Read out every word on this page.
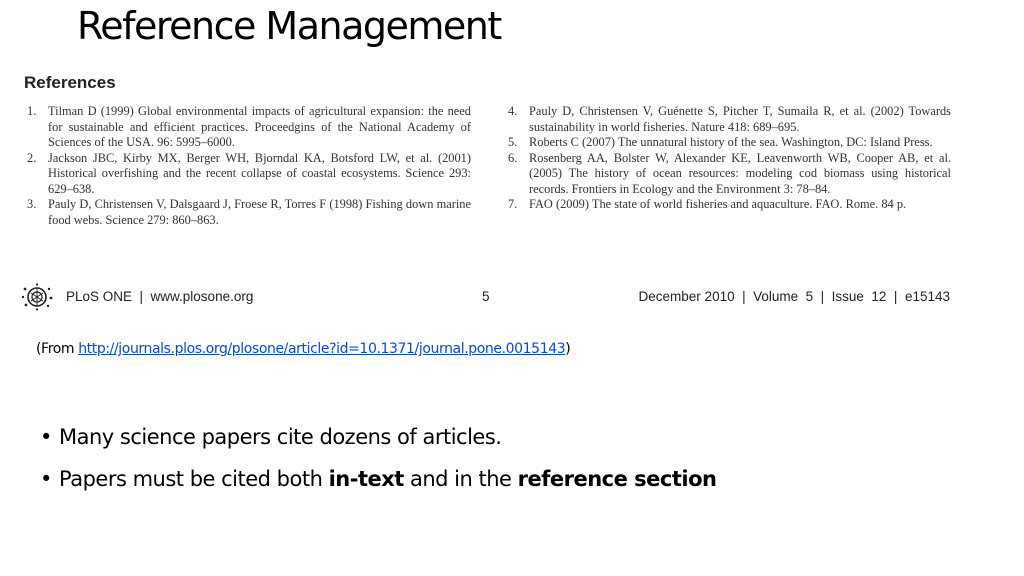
Reference Management
References
1. Tilman D (1999) Global environmental impacts of agricultural expansion: the need for sustainable and efficient practices. Proceedgins of the National Academy of Sciences of the USA. 96: 5995–6000.
2. Jackson JBC, Kirby MX, Berger WH, Bjorndal KA, Botsford LW, et al. (2001) Historical overfishing and the recent collapse of coastal ecosystems. Science 293: 629–638.
3. Pauly D, Christensen V, Dalsgaard J, Froese R, Torres F (1998) Fishing down marine food webs. Science 279: 860–863.
4. Pauly D, Christensen V, Guénette S, Pitcher T, Sumaila R, et al. (2002) Towards sustainability in world fisheries. Nature 418: 689–695.
5. Roberts C (2007) The unnatural history of the sea. Washington, DC: Island Press.
6. Rosenberg AA, Bolster W, Alexander KE, Leavenworth WB, Cooper AB, et al. (2005) The history of ocean resources: modeling cod biomass using historical records. Frontiers in Ecology and the Environment 3: 78–84.
7. FAO (2009) The state of world fisheries and aquaculture. FAO. Rome. 84 p.
PLoS ONE  |  www.plosone.org	5	December 2010  |  Volume  5  |  Issue  12  |  e15143
(From http://journals.plos.org/plosone/article?id=10.1371/journal.pone.0015143)
• Many science papers cite dozens of articles.
• Papers must be cited both in-text and in the reference section
